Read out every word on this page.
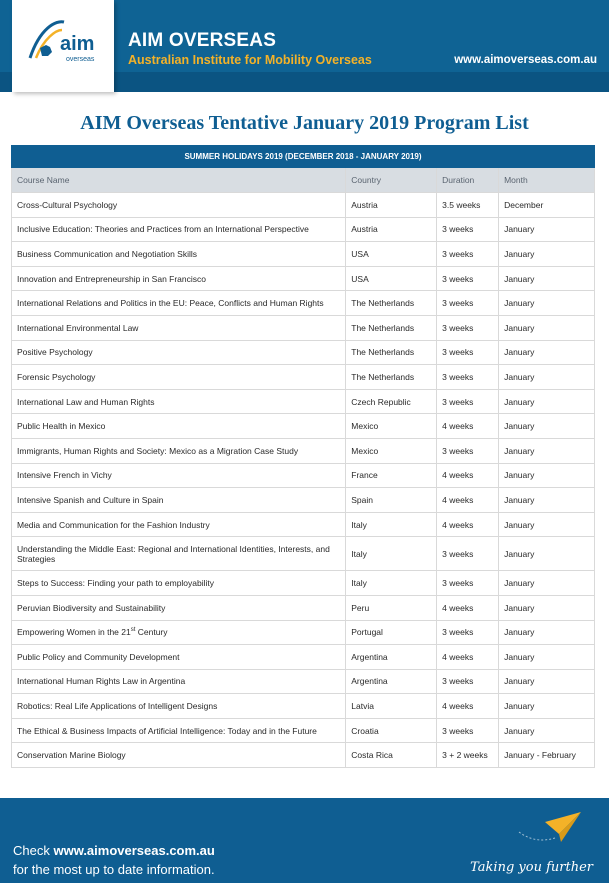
aim
overseas
AIM OVERSEAS
Australian Institute for Mobility Overseas	www.aimoverseas.com.au
AIM Overseas Tentative January 2019 Program List
SUMMER HOLIDAYS 2019 (DECEMBER 2018 - JANUARY 2019)			
Course Name	Country	Duration	Month
Cross-Cultural Psychology	Austria	3.5 weeks	December
Inclusive Education: Theories and Practices from an International Perspective	Austria	3 weeks	January
Business Communication and Negotiation Skills	USA	3 weeks	January
Innovation and Entrepreneurship in San Francisco	USA	3 weeks	January
International Relations and Politics in the EU: Peace, Conflicts and Human Rights	The Netherlands	3 weeks	January
International Environmental Law	The Netherlands	3 weeks	January
Positive Psychology	The Netherlands	3 weeks	January
Forensic Psychology	The Netherlands	3 weeks	January
International Law and Human Rights	Czech Republic	3 weeks	January
Public Health in Mexico	Mexico	4 weeks	January
Immigrants, Human Rights and Society: Mexico as a Migration Case Study	Mexico	3 weeks	January
Intensive French in Vichy	France	4 weeks	January
Intensive Spanish and Culture in Spain	Spain	4 weeks	January
Media and Communication for the Fashion Industry	Italy	4 weeks	January
Understanding the Middle East: Regional and International Identities, Interests, and Strategies	Italy	3 weeks	January
Steps to Success: Finding your path to employability	Italy	3 weeks	January
Peruvian Biodiversity and Sustainability	Peru	4 weeks	January
Empowering Women in the 21st Century	Portugal	3 weeks	January
Public Policy and Community Development	Argentina	4 weeks	January
International Human Rights Law in Argentina	Argentina	3 weeks	January
Robotics: Real Life Applications of Intelligent Designs	Latvia	4 weeks	January
The Ethical & Business Impacts of Artificial Intelligence: Today and in the Future	Croatia	3 weeks	January
Conservation Marine Biology	Costa Rica	3 + 2 weeks	January - February
Check www.aimoverseas.com.au
for the most up to date information.	Taking you further
